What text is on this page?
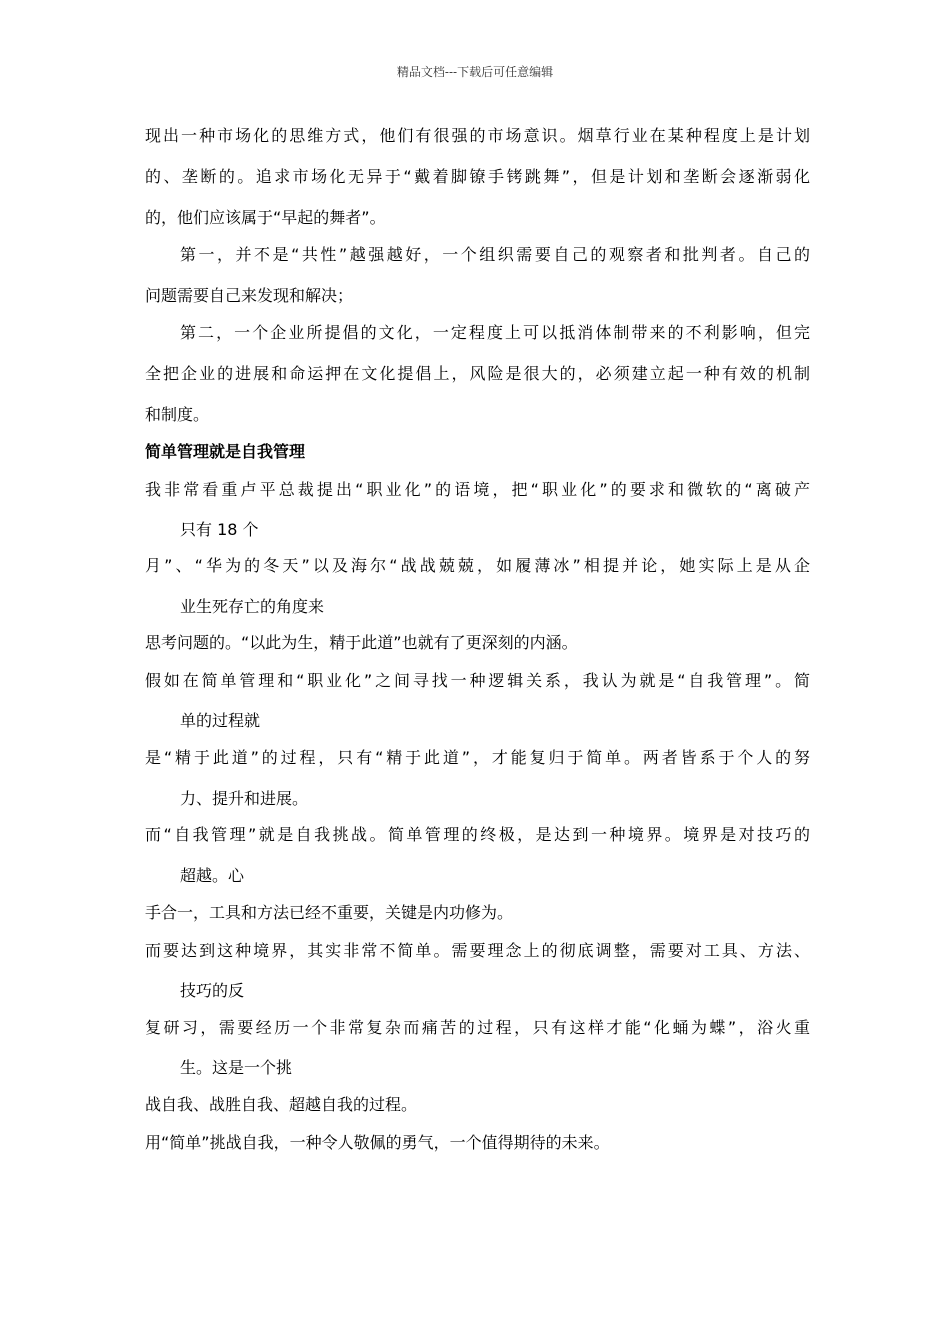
精品文档---下载后可任意编辑
现出一种市场化的思维方式，他们有很强的市场意识。烟草行业在某种程度上是计划
的、垄断的。追求市场化无异于“戴着脚镣手铐跳舞”，但是计划和垄断会逐渐弱化
的，他们应该属于“早起的舞者”。
第一，并不是“共性”越强越好，一个组织需要自己的观察者和批判者。自己的
问题需要自己来发现和解决；
第二，一个企业所提倡的文化，一定程度上可以抵消体制带来的不利影响，但完
全把企业的进展和命运押在文化提倡上，风险是很大的，必须建立起一种有效的机制
和制度。
简单管理就是自我管理
我非常看重卢平总裁提出“职业化”的语境，把“职业化”的要求和微软的“离破产
只有 18 个
月”、“华为的冬天”以及海尔“战战兢兢，如履薄冰”相提并论，她实际上是从企
业生死存亡的角度来
思考问题的。“以此为生，精于此道”也就有了更深刻的内涵。
假如在简单管理和“职业化”之间寻找一种逻辑关系，我认为就是“自我管理”。简
单的过程就
是“精于此道”的过程，只有“精于此道”，才能复归于简单。两者皆系于个人的努
力、提升和进展。
而“自我管理”就是自我挑战。简单管理的终极，是达到一种境界。境界是对技巧的
超越。心
手合一，工具和方法已经不重要，关键是内功修为。
而要达到这种境界，其实非常不简单。需要理念上的彻底调整，需要对工具、方法、
技巧的反
复研习，需要经历一个非常复杂而痛苦的过程，只有这样才能“化蛹为蝶”，浴火重
生。这是一个挑
战自我、战胜自我、超越自我的过程。
用“简单”挑战自我，一种令人敬佩的勇气，一个值得期待的未来。
